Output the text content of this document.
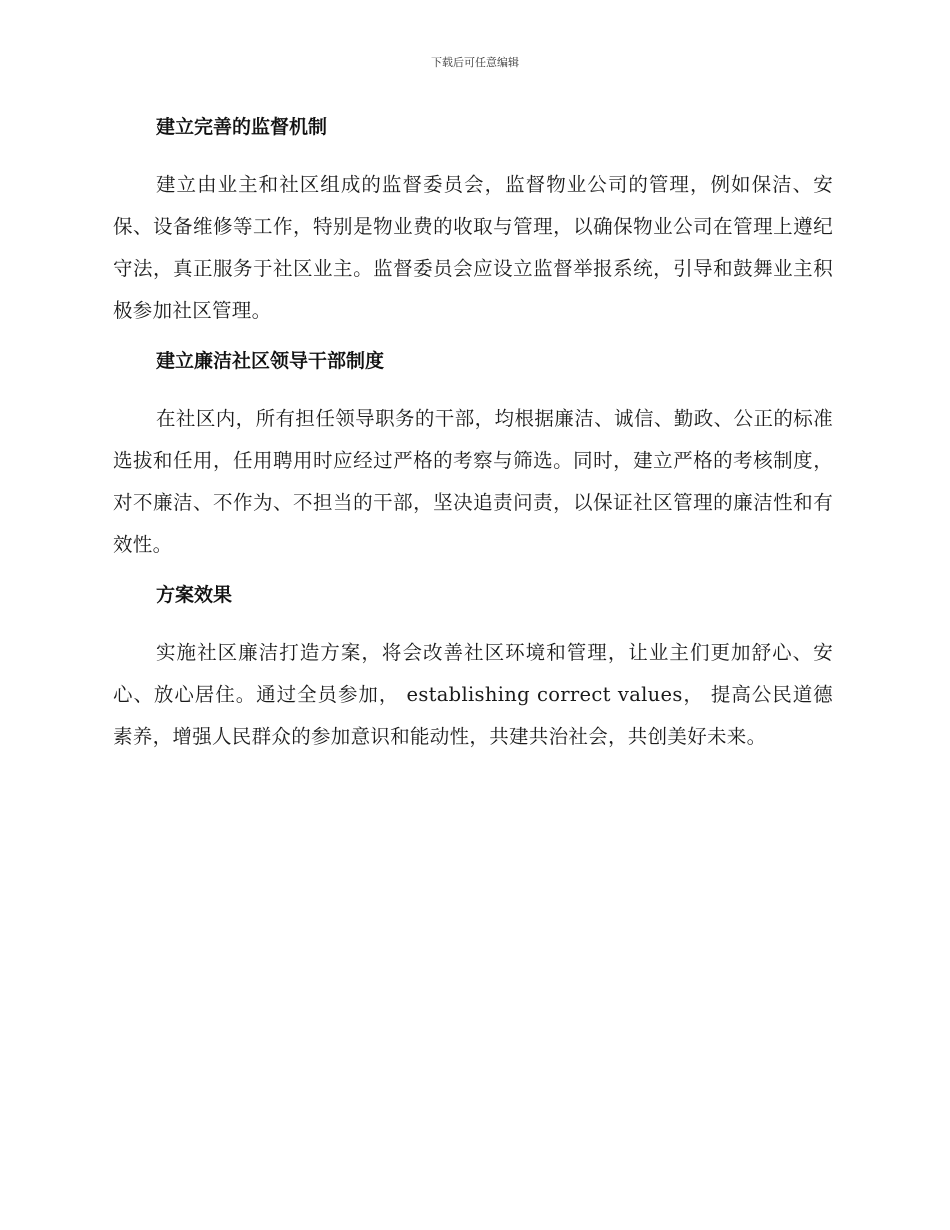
下载后可任意编辑
建立完善的监督机制

建立由业主和社区组成的监督委员会，监督物业公司的管理，例如保洁、安保、设备维修等工作，特别是物业费的收取与管理，以确保物业公司在管理上遵纪守法，真正服务于社区业主。监督委员会应设立监督举报系统，引导和鼓舞业主积极参加社区管理。

建立廉洁社区领导干部制度

在社区内，所有担任领导职务的干部，均根据廉洁、诚信、勤政、公正的标准选拔和任用，任用聘用时应经过严格的考察与筛选。同时，建立严格的考核制度，对不廉洁、不作为、不担当的干部，坚决追责问责，以保证社区管理的廉洁性和有效性。

方案效果

实施社区廉洁打造方案，将会改善社区环境和管理，让业主们更加舒心、安心、放心居住。通过全员参加， establishing correct values， 提高公民道德素养，增强人民群众的参加意识和能动性，共建共治社会，共创美好未来。
